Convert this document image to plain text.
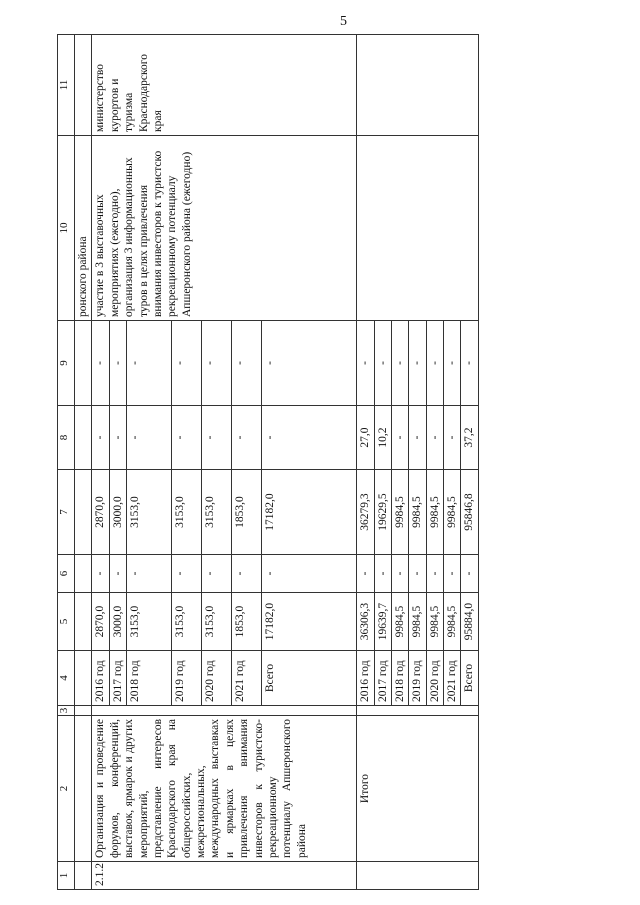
5
1	2	3	4	5	6	7	8	9	10	11
									ронского района	
2.1.2	Организация и проведение форумов, конференций, выставок, ярмарок и других мероприятий, представление интересов Краснодарского края на общероссийских, межрегиональных, международных выставках и ярмарках в целях привлечения внимания инвесторов к туристско-рекреационному потенциалу Апшеронского района		2016 год	2870,0	-	2870,0	-	-	участие в 3 выставочных мероприятиях (ежегодно), организация 3 информационных туров в целях привлечения внимания инвесторов к туристско рекреационному потенциалу Апшеронского района (ежегодно)	министерство курортов и туризма Краснодарского края
			2017 год	3000,0	-	3000,0	-	-		
			2018 год	3153,0	-	3153,0	-	-		
			2019 год	3153,0	-	3153,0	-	-		
			2020 год	3153,0	-	3153,0	-	-		
			2021 год	1853,0	-	1853,0	-	-		
			Всего	17182,0	-	17182,0	-	-		
	Итого		2016 год	36306,3	-	36279,3	27,0	-		
			2017 год	19639,7	-	19629,5	10,2	-		
			2018 год	9984,5	-	9984,5	-	-		
			2019 год	9984,5	-	9984,5	-	-		
			2020 год	9984,5	-	9984,5	-	-		
			2021 год	9984,5	-	9984,5	-	-		
			Всего	95884,0	-	95846,8	37,2	-		
